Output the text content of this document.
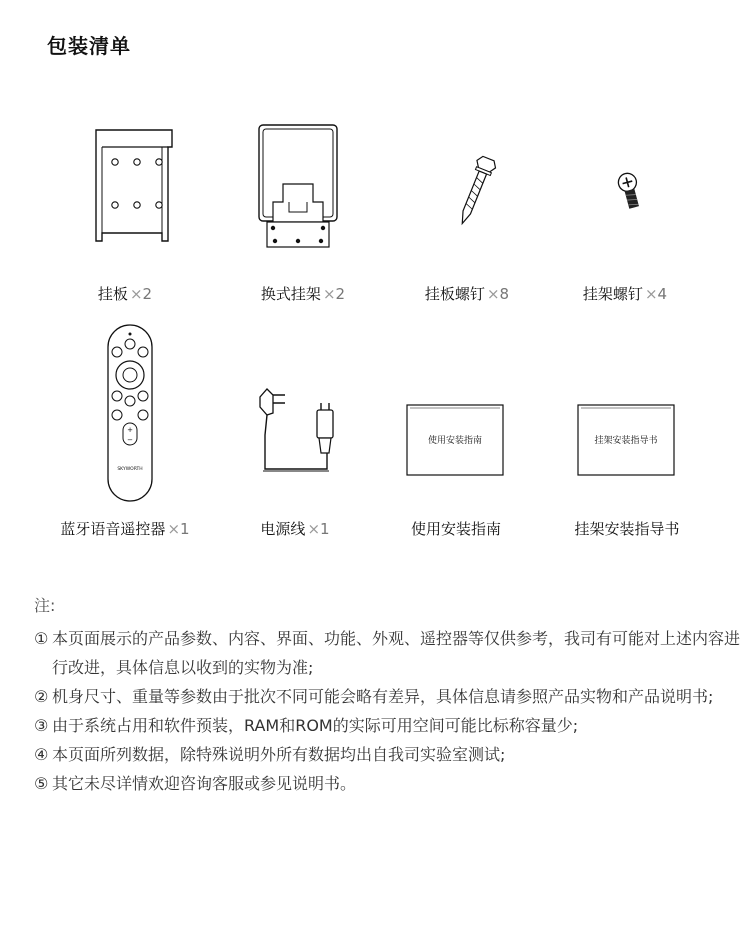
包装清单
挂板 ×2	换式挂架 ×2	挂板螺钉 ×8	挂架螺钉 ×4
+
−
SKYWORTH
使用安装指南	挂架安装指导书
蓝牙语音遥控器 ×1	电源线 ×1	使用安装指南	挂架安装指导书
注:
① 本页面展示的产品参数、内容、界面、功能、外观、遥控器等仅供参考，我司有可能对上述内容进行改进，具体信息以收到的实物为准;
② 机身尺寸、重量等参数由于批次不同可能会略有差异，具体信息请参照产品实物和产品说明书;
③ 由于系统占用和软件预装，RAM和ROM的实际可用空间可能比标称容量少;
④ 本页面所列数据，除特殊说明外所有数据均出自我司实验室测试;
⑤ 其它未尽详情欢迎咨询客服或参见说明书。
